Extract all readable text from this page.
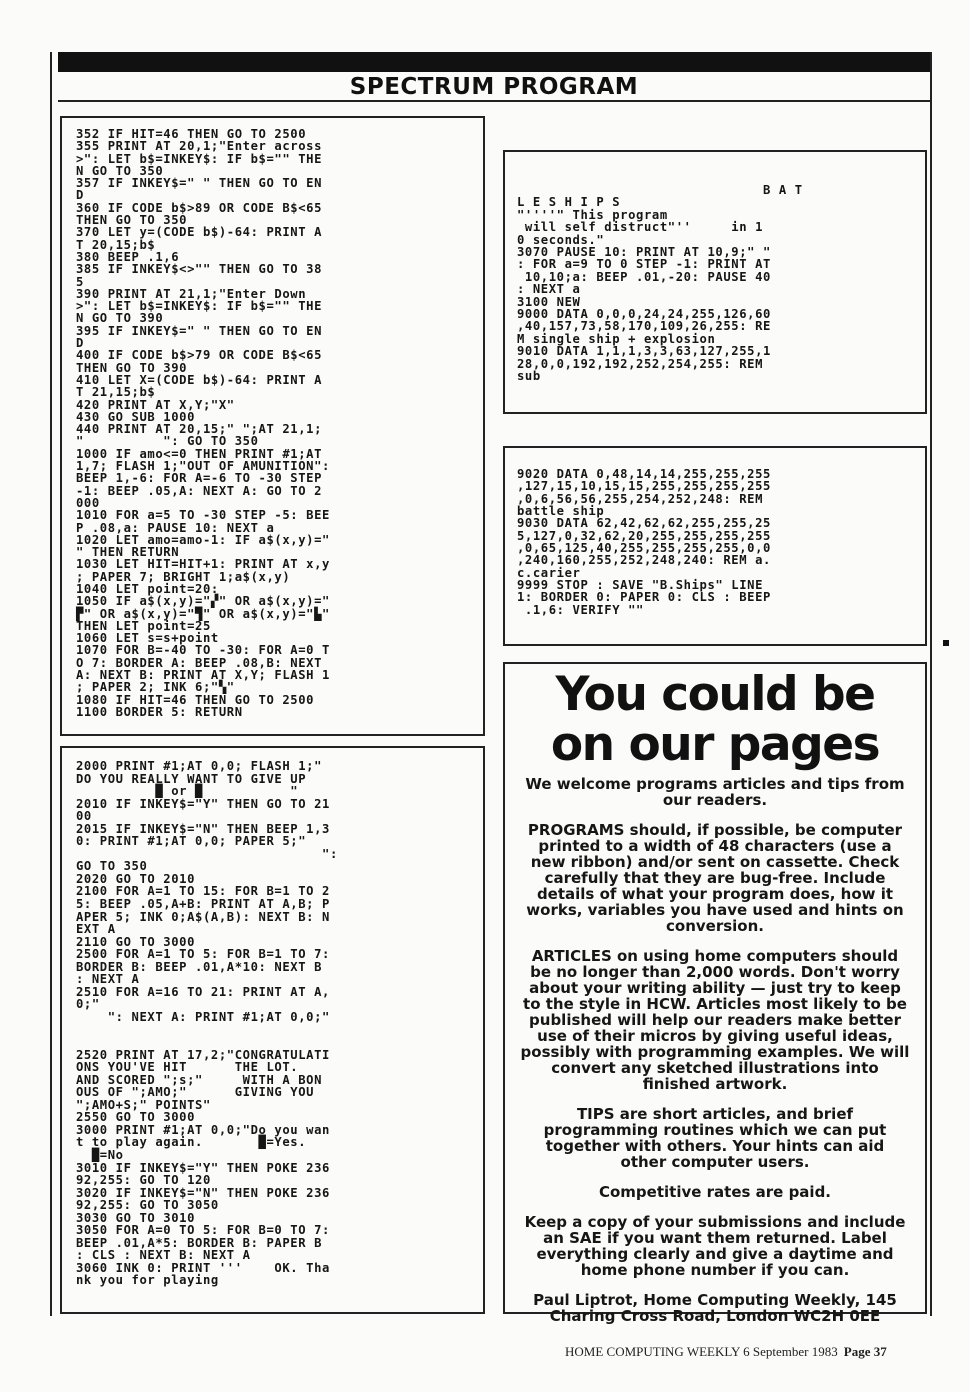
SPECTRUM PROGRAM
352 IF HIT=46 THEN GO TO 2500
355 PRINT AT 20,1;"Enter across
>": LET b$=INKEY$: IF b$="" THE
N GO TO 350
357 IF INKEY$=" " THEN GO TO EN
D
360 IF CODE b$>89 OR CODE B$<65
THEN GO TO 350
370 LET y=(CODE b$)-64: PRINT A
T 20,15;b$
380 BEEP .1,6
385 IF INKEY$<>"" THEN GO TO 38
5
390 PRINT AT 21,1;"Enter Down
>": LET b$=INKEY$: IF b$="" THE
N GO TO 390
395 IF INKEY$=" " THEN GO TO EN
D
400 IF CODE b$>79 OR CODE B$<65
THEN GO TO 390
410 LET X=(CODE b$)-64: PRINT A
T 21,15;b$
420 PRINT AT X,Y;"X"
430 GO SUB 1000
440 PRINT AT 20,15;" ";AT 21,1;
"          ": GO TO 350
1000 IF amo<=0 THEN PRINT #1;AT
1,7; FLASH 1;"OUT OF AMUNITION":
BEEP 1,-6: FOR A=-6 TO -30 STEP
-1: BEEP .05,A: NEXT A: GO TO 2
000
1010 FOR a=5 TO -30 STEP -5: BEE
P .08,a: PAUSE 10: NEXT a
1020 LET amo=amo-1: IF a$(x,y)="
" THEN RETURN
1030 LET HIT=HIT+1: PRINT AT x,y
; PAPER 7; BRIGHT 1;a$(x,y)
1040 LET point=20:
1050 IF a$(x,y)="▞" OR a$(x,y)="
▛" OR a$(x,y)="▜" OR a$(x,y)="▙"
THEN LET point=25
1060 LET s=s+point
1070 FOR B=-40 TO -30: FOR A=0 T
O 7: BORDER A: BEEP .08,B: NEXT
A: NEXT B: PRINT AT X,Y; FLASH 1
; PAPER 2; INK 6;"▚"
1080 IF HIT=46 THEN GO TO 2500
1100 BORDER 5: RETURN
2000 PRINT #1;AT 0,0; FLASH 1;"
DO YOU REALLY WANT TO GIVE UP
█ or █           "
2010 IF INKEY$="Y" THEN GO TO 21
00
2015 IF INKEY$="N" THEN BEEP 1,3
0: PRINT #1;AT 0,0; PAPER 5;"
":
GO TO 350
2020 GO TO 2010
2100 FOR A=1 TO 15: FOR B=1 TO 2
5: BEEP .05,A+B: PRINT AT A,B; P
APER 5; INK 0;A$(A,B): NEXT B: N
EXT A
2110 GO TO 3000
2500 FOR A=1 TO 5: FOR B=1 TO 7:
BORDER B: BEEP .01,A*10: NEXT B
: NEXT A
2510 FOR A=16 TO 21: PRINT AT A,
0;"
": NEXT A: PRINT #1;AT 0,0;"

2520 PRINT AT 17,2;"CONGRATULATI
ONS YOU'VE HIT      THE LOT.
AND SCORED ";s;"     WITH A BON
OUS OF ";AMO;"      GIVING YOU
";AMO+S;" POINTS"
2550 GO TO 3000
3000 PRINT #1;AT 0,0;"Do you wan
t to play again.       █=Yes.
█=No
3010 IF INKEY$="Y" THEN POKE 236
92,255: GO TO 120
3020 IF INKEY$="N" THEN POKE 236
92,255: GO TO 3050
3030 GO TO 3010
3050 FOR A=0 TO 5: FOR B=0 TO 7:
BEEP .01,A*5: BORDER B: PAPER B
: CLS : NEXT B: NEXT A
3060 INK 0: PRINT '''    OK. Tha
nk you for playing
B A T
L E S H I P S
"''''" This program
will self distruct"''     in 1
0 seconds."
3070 PAUSE 10: PRINT AT 10,9;" "
: FOR a=9 TO 0 STEP -1: PRINT AT
10,10;a: BEEP .01,-20: PAUSE 40
: NEXT a
3100 NEW
9000 DATA 0,0,0,24,24,255,126,60
,40,157,73,58,170,109,26,255: RE
M single ship + explosion
9010 DATA 1,1,1,3,3,63,127,255,1
28,0,0,192,192,252,254,255: REM
sub
9020 DATA 0,48,14,14,255,255,255
,127,15,10,15,15,255,255,255,255
,0,6,56,56,255,254,252,248: REM
battle ship
9030 DATA 62,42,62,62,255,255,25
5,127,0,32,62,20,255,255,255,255
,0,65,125,40,255,255,255,255,0,0
,240,160,255,252,248,240: REM a.
c.carier
9999 STOP : SAVE "B.Ships" LINE
1: BORDER 0: PAPER 0: CLS : BEEP
.1,6: VERIFY ""
You could be
on our pages

We welcome programs articles and tips from our readers.

PROGRAMS should, if possible, be computer printed to a width of 48 characters (use a new ribbon) and/or sent on cassette. Check carefully that they are bug-free. Include details of what your program does, how it works, variables you have used and hints on conversion.

ARTICLES on using home computers should be no longer than 2,000 words. Don't worry about your writing ability — just try to keep to the style in HCW. Articles most likely to be published will help our readers make better use of their micros by giving useful ideas, possibly with programming examples. We will convert any sketched illustrations into finished artwork.

TIPS are short articles, and brief programming routines which we can put together with others. Your hints can aid other computer users.

Competitive rates are paid.

Keep a copy of your submissions and include an SAE if you want them returned. Label everything clearly and give a daytime and home phone number if you can.

Paul Liptrot, Home Computing Weekly, 145 Charing Cross Road, London WC2H 0EE

HOME COMPUTING WEEKLY 6 September 1983 Page 37
